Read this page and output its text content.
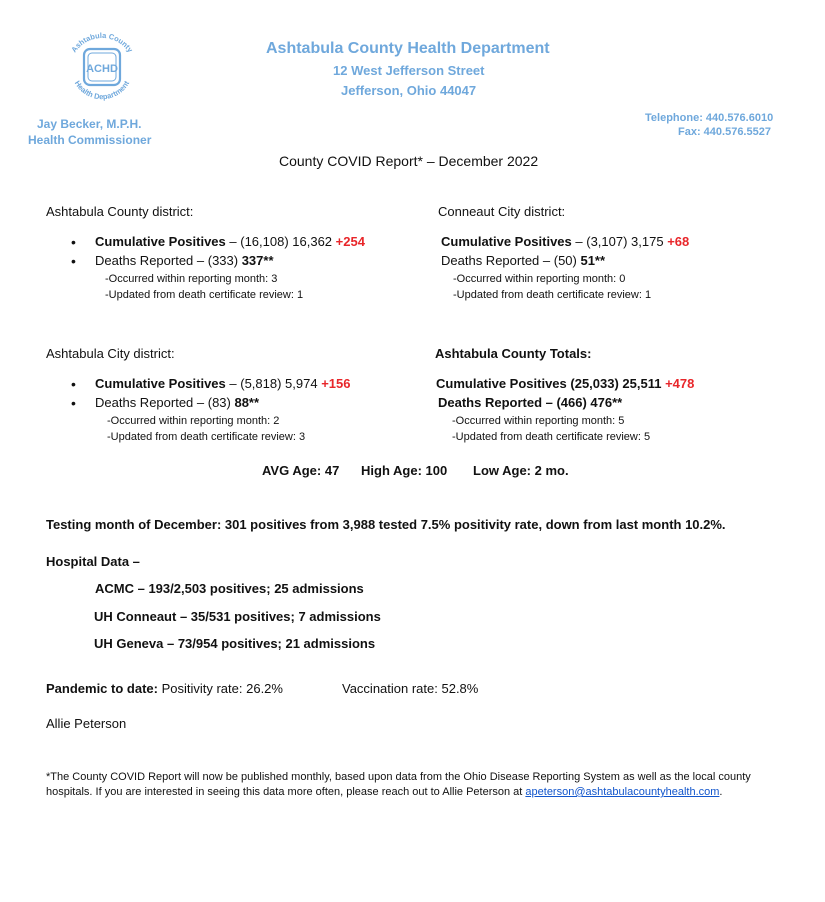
Ashtabula County
Health Department
ACHD
Ashtabula County Health Department
12 West Jefferson Street
Jefferson, Ohio 44047
Jay Becker, M.P.H.
Health Commissioner
Telephone: 440.576.6010
Fax: 440.576.5527
County COVID Report* – December 2022
Ashtabula County district:
• Cumulative Positives – (16,108) 16,362 +254
• Deaths Reported – (333) 337**
-Occurred within reporting month: 3
-Updated from death certificate review: 1
Conneaut City district:
Cumulative Positives – (3,107) 3,175 +68
Deaths Reported – (50) 51**
-Occurred within reporting month: 0
-Updated from death certificate review: 1
Ashtabula City district:
• Cumulative Positives – (5,818) 5,974 +156
• Deaths Reported – (83) 88**
-Occurred within reporting month: 2
-Updated from death certificate review: 3
Ashtabula County Totals:
Cumulative Positives (25,033) 25,511 +478
Deaths Reported – (466) 476**
-Occurred within reporting month: 5
-Updated from death certificate review: 5
AVG Age: 47 High Age: 100 Low Age: 2 mo.
Testing month of December: 301 positives from 3,988 tested 7.5% positivity rate, down from last month 10.2%.
Hospital Data –
ACMC – 193/2,503 positives; 25 admissions
UH Conneaut – 35/531 positives; 7 admissions
UH Geneva – 73/954 positives; 21 admissions
Pandemic to date: Positivity rate: 26.2%	Vaccination rate: 52.8%
Allie Peterson
*The County COVID Report will now be published monthly, based upon data from the Ohio Disease Reporting System as well as the local county
hospitals. If you are interested in seeing this data more often, please reach out to Allie Peterson at apeterson@ashtabulacountyhealth.com.
